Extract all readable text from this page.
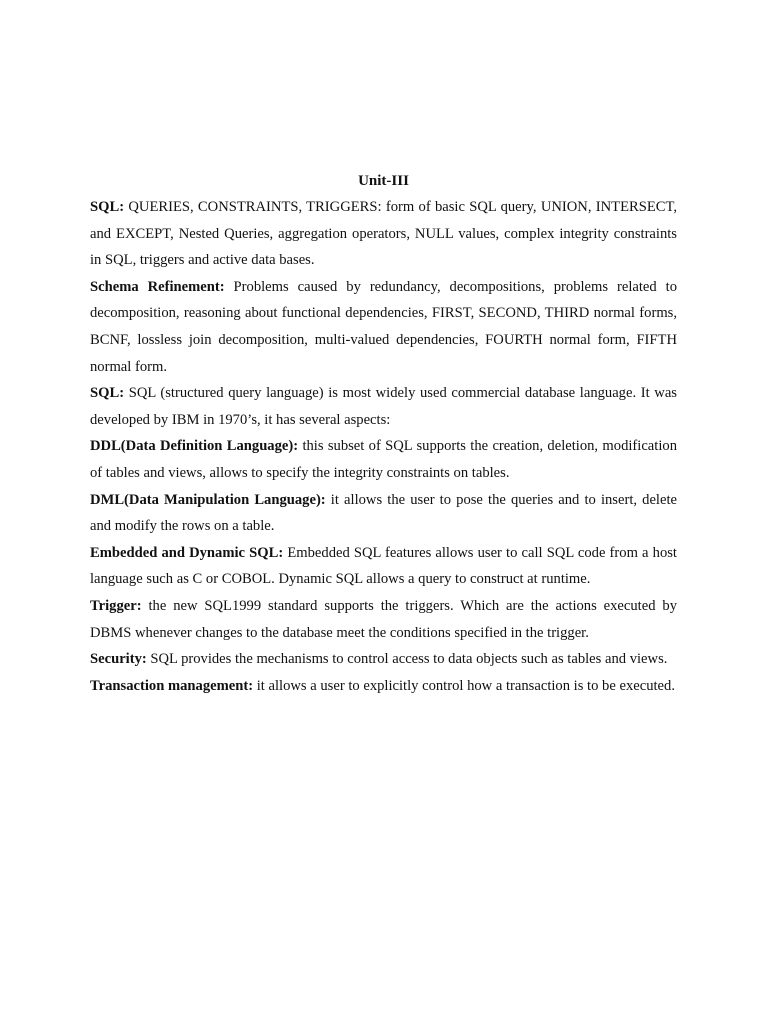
Unit-III

SQL: QUERIES, CONSTRAINTS, TRIGGERS: form of basic SQL query, UNION, INTERSECT, and EXCEPT, Nested Queries, aggregation operators, NULL values, complex integrity constraints in SQL, triggers and active data bases.

Schema Refinement: Problems caused by redundancy, decompositions, problems related to decomposition, reasoning about functional dependencies, FIRST, SECOND, THIRD normal forms, BCNF, lossless join decomposition, multi-valued dependencies, FOURTH normal form, FIFTH normal form.

SQL: SQL (structured query language) is most widely used commercial database language. It was developed by IBM in 1970’s, it has several aspects:

DDL(Data Definition Language): this subset of SQL supports the creation, deletion, modification of tables and views, allows to specify the integrity constraints on tables.

DML(Data Manipulation Language): it allows the user to pose the queries and to insert, delete and modify the rows on a table.

Embedded and Dynamic SQL: Embedded SQL features allows user to call SQL code from a host language such as C or COBOL. Dynamic SQL allows a query to construct at runtime.

Trigger: the new SQL1999 standard supports the triggers. Which are the actions executed by DBMS whenever changes to the database meet the conditions specified in the trigger.

Security: SQL provides the mechanisms to control access to data objects such as tables and views.

Transaction management: it allows a user to explicitly control how a transaction is to be executed.
